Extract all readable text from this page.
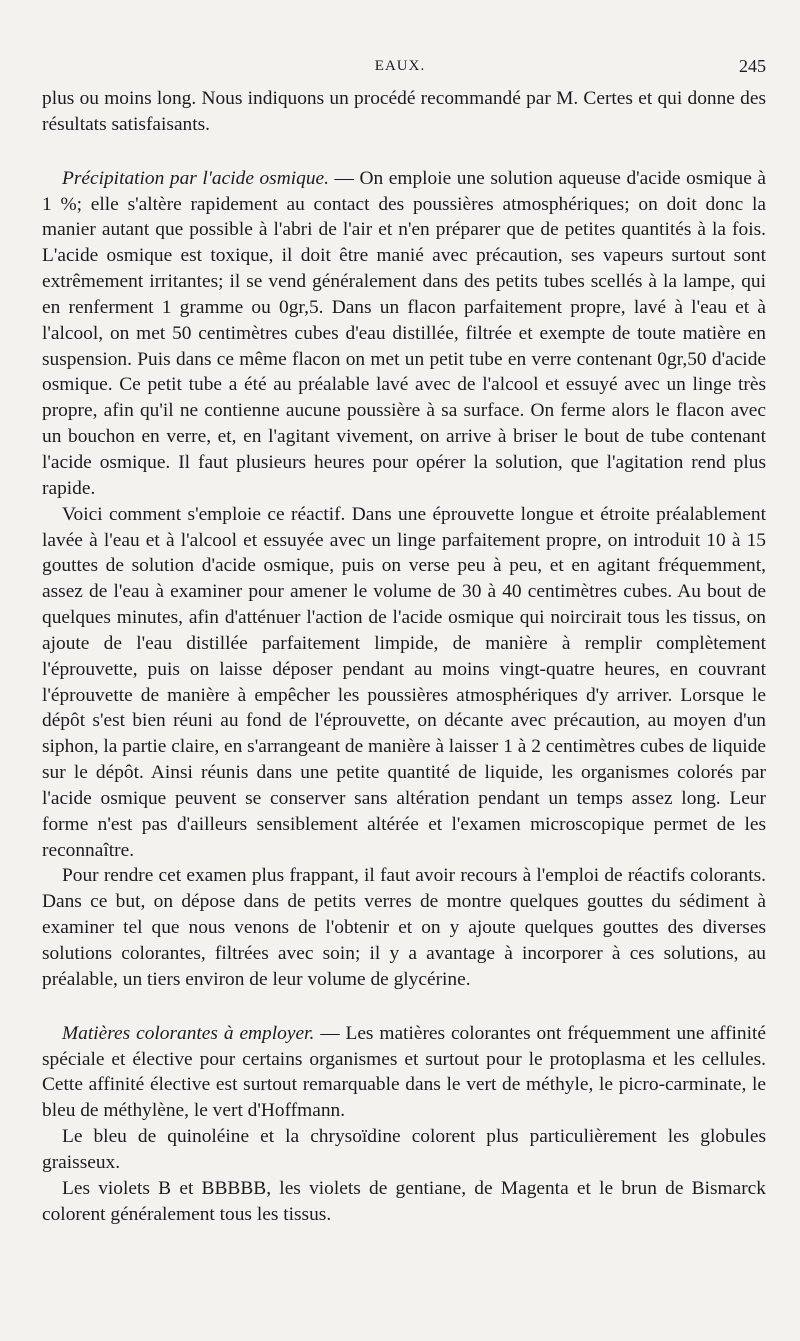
EAUX.	245

plus ou moins long. Nous indiquons un procédé recommandé par M. Certes et qui donne des résultats satisfaisants.

Précipitation par l'acide osmique. — On emploie une solution aqueuse d'acide osmique à 1 %; elle s'altère rapidement au contact des poussières atmosphériques; on doit donc la manier autant que possible à l'abri de l'air et n'en préparer que de petites quantités à la fois. L'acide osmique est toxique, il doit être manié avec précaution, ses vapeurs surtout sont extrêmement irritantes; il se vend généralement dans des petits tubes scellés à la lampe, qui en renferment 1 gramme ou 0gr,5. Dans un flacon parfaitement propre, lavé à l'eau et à l'alcool, on met 50 centimètres cubes d'eau distillée, filtrée et exempte de toute matière en suspension. Puis dans ce même flacon on met un petit tube en verre contenant 0gr,50 d'acide osmique. Ce petit tube a été au préalable lavé avec de l'alcool et essuyé avec un linge très propre, afin qu'il ne contienne aucune poussière à sa surface. On ferme alors le flacon avec un bouchon en verre, et, en l'agitant vivement, on arrive à briser le bout de tube contenant l'acide osmique. Il faut plusieurs heures pour opérer la solution, que l'agitation rend plus rapide.

Voici comment s'emploie ce réactif. Dans une éprouvette longue et étroite préalablement lavée à l'eau et à l'alcool et essuyée avec un linge parfaitement propre, on introduit 10 à 15 gouttes de solution d'acide osmique, puis on verse peu à peu, et en agitant fréquemment, assez de l'eau à examiner pour amener le volume de 30 à 40 centimètres cubes. Au bout de quelques minutes, afin d'atténuer l'action de l'acide osmique qui noircirait tous les tissus, on ajoute de l'eau distillée parfaitement limpide, de manière à remplir complètement l'éprouvette, puis on laisse déposer pendant au moins vingt-quatre heures, en couvrant l'éprouvette de manière à empêcher les poussières atmosphériques d'y arriver. Lorsque le dépôt s'est bien réuni au fond de l'éprouvette, on décante avec précaution, au moyen d'un siphon, la partie claire, en s'arrangeant de manière à laisser 1 à 2 centimètres cubes de liquide sur le dépôt. Ainsi réunis dans une petite quantité de liquide, les organismes colorés par l'acide osmique peuvent se conserver sans altération pendant un temps assez long. Leur forme n'est pas d'ailleurs sensiblement altérée et l'examen microscopique permet de les reconnaître.

Pour rendre cet examen plus frappant, il faut avoir recours à l'emploi de réactifs colorants. Dans ce but, on dépose dans de petits verres de montre quelques gouttes du sédiment à examiner tel que nous venons de l'obtenir et on y ajoute quelques gouttes des diverses solutions colorantes, filtrées avec soin; il y a avantage à incorporer à ces solutions, au préalable, un tiers environ de leur volume de glycérine.

Matières colorantes à employer. — Les matières colorantes ont fréquemment une affinité spéciale et élective pour certains organismes et surtout pour le protoplasma et les cellules. Cette affinité élective est surtout remarquable dans le vert de méthyle, le picro-carminate, le bleu de méthylène, le vert d'Hoffmann.

Le bleu de quinoléine et la chrysoïdine colorent plus particulièrement les globules graisseux.

Les violets B et BBBBB, les violets de gentiane, de Magenta et le brun de Bismarck colorent généralement tous les tissus.
